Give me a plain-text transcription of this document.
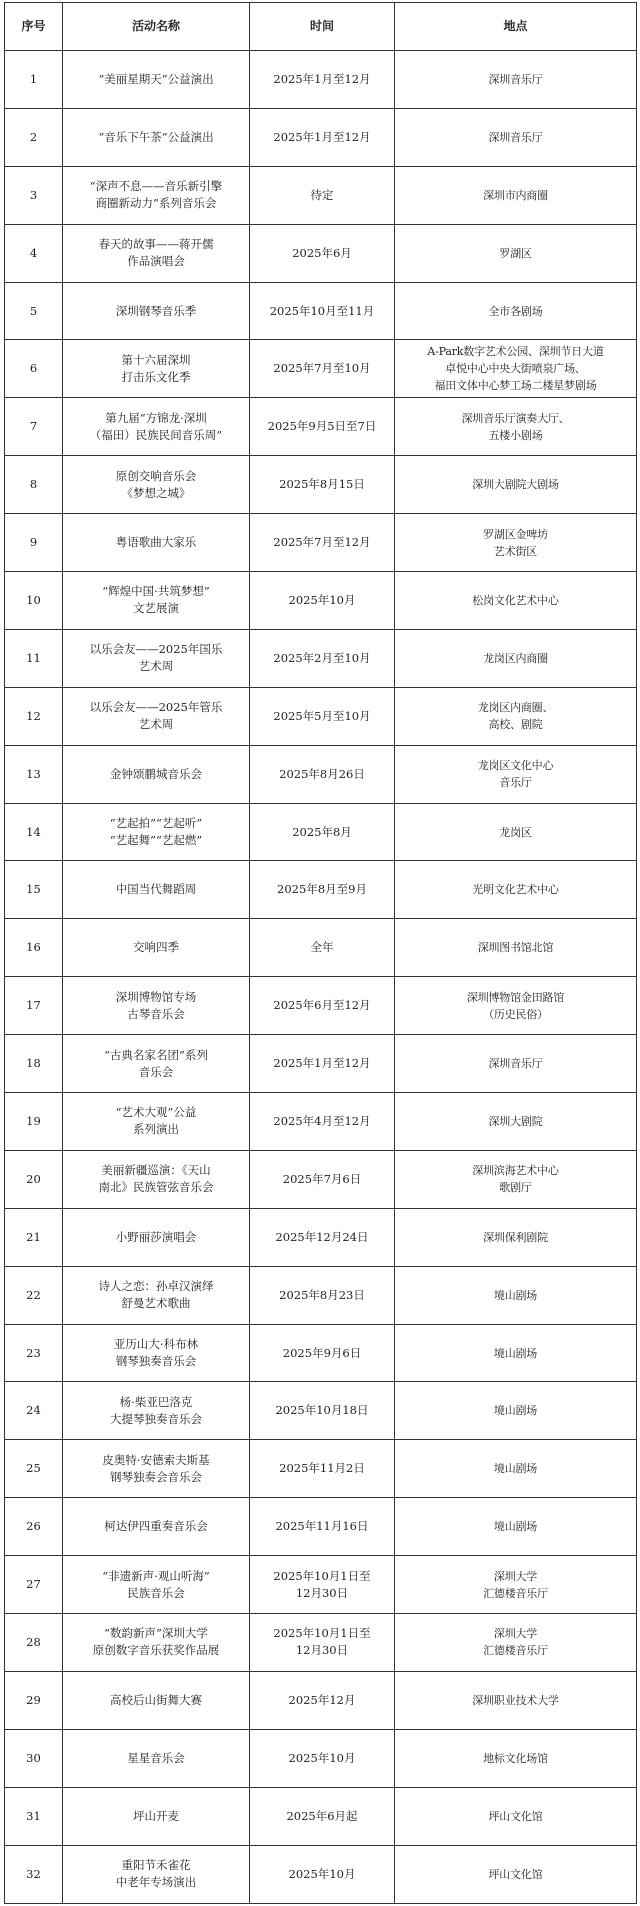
序号	活动名称	时间	地点
1	“美丽星期天”公益演出	2025年1月至12月	深圳音乐厅

2	“音乐下午茶”公益演出	2025年1月至12月	深圳音乐厅

3	“深声不息——音乐新引擎
商圈新动力”系列音乐会	待定	深圳市内商圈

4	春天的故事——蒋开儒
作品演唱会	2025年6月	罗湖区

5	深圳钢琴音乐季	2025年10月至11月	全市各剧场

6	第十六届深圳
打击乐文化季	2025年7月至10月	A-Park数字艺术公园、深圳节日大道
卓悦中心中央大街喷泉广场、
福田文体中心梦工场二楼星梦剧场

7	第九届“方锦龙·深圳
（福田）民族民间音乐周”	2025年9月5日至7日	深圳音乐厅演奏大厅、
五楼小剧场

8	原创交响音乐会
《梦想之城》	2025年8月15日	深圳大剧院大剧场

9	粤语歌曲大家乐	2025年7月至12月	罗湖区金啤坊
艺术街区

10	“辉煌中国·共筑梦想”
文艺展演	2025年10月	松岗文化艺术中心

11	以乐会友——2025年国乐
艺术周	2025年2月至10月	龙岗区内商圈

12	以乐会友——2025年管乐
艺术周	2025年5月至10月	龙岗区内商圈、
高校、剧院

13	金钟颂鹏城音乐会	2025年8月26日	龙岗区文化中心
音乐厅

14	“艺起拍”“艺起听”
“艺起舞”“艺起燃”	2025年8月	龙岗区

15	中国当代舞蹈周	2025年8月至9月	光明文化艺术中心

16	交响四季	全年	深圳图书馆北馆

17	深圳博物馆专场
古琴音乐会	2025年6月至12月	深圳博物馆金田路馆
（历史民俗）

18	“古典名家名团”系列
音乐会	2025年1月至12月	深圳音乐厅

19	“艺术大观”公益
系列演出	2025年4月至12月	深圳大剧院

20	美丽新疆巡演：《天山
南北》民族管弦音乐会	2025年7月6日	深圳滨海艺术中心
歌剧厅

21	小野丽莎演唱会	2025年12月24日	深圳保利剧院

22	诗人之恋：孙卓汉演绎
舒曼艺术歌曲	2025年8月23日	境山剧场

23	亚历山大·科布林
钢琴独奏音乐会	2025年9月6日	境山剧场

24	杨·柴亚巴洛克
大提琴独奏音乐会	2025年10月18日	境山剧场

25	皮奥特·安德索夫斯基
钢琴独奏会音乐会	2025年11月2日	境山剧场

26	柯达伊四重奏音乐会	2025年11月16日	境山剧场

27	“非遗新声·观山听海”
民族音乐会	2025年10月1日至
12月30日	深圳大学
汇德楼音乐厅

28	“数韵新声”深圳大学
原创数字音乐获奖作品展	2025年10月1日至
12月30日	深圳大学
汇德楼音乐厅

29	高校后山街舞大赛	2025年12月	深圳职业技术大学

30	星星音乐会	2025年10月	地标文化场馆

31	坪山开麦	2025年6月起	坪山文化馆

32	重阳节禾雀花
中老年专场演出	2025年10月	坪山文化馆
